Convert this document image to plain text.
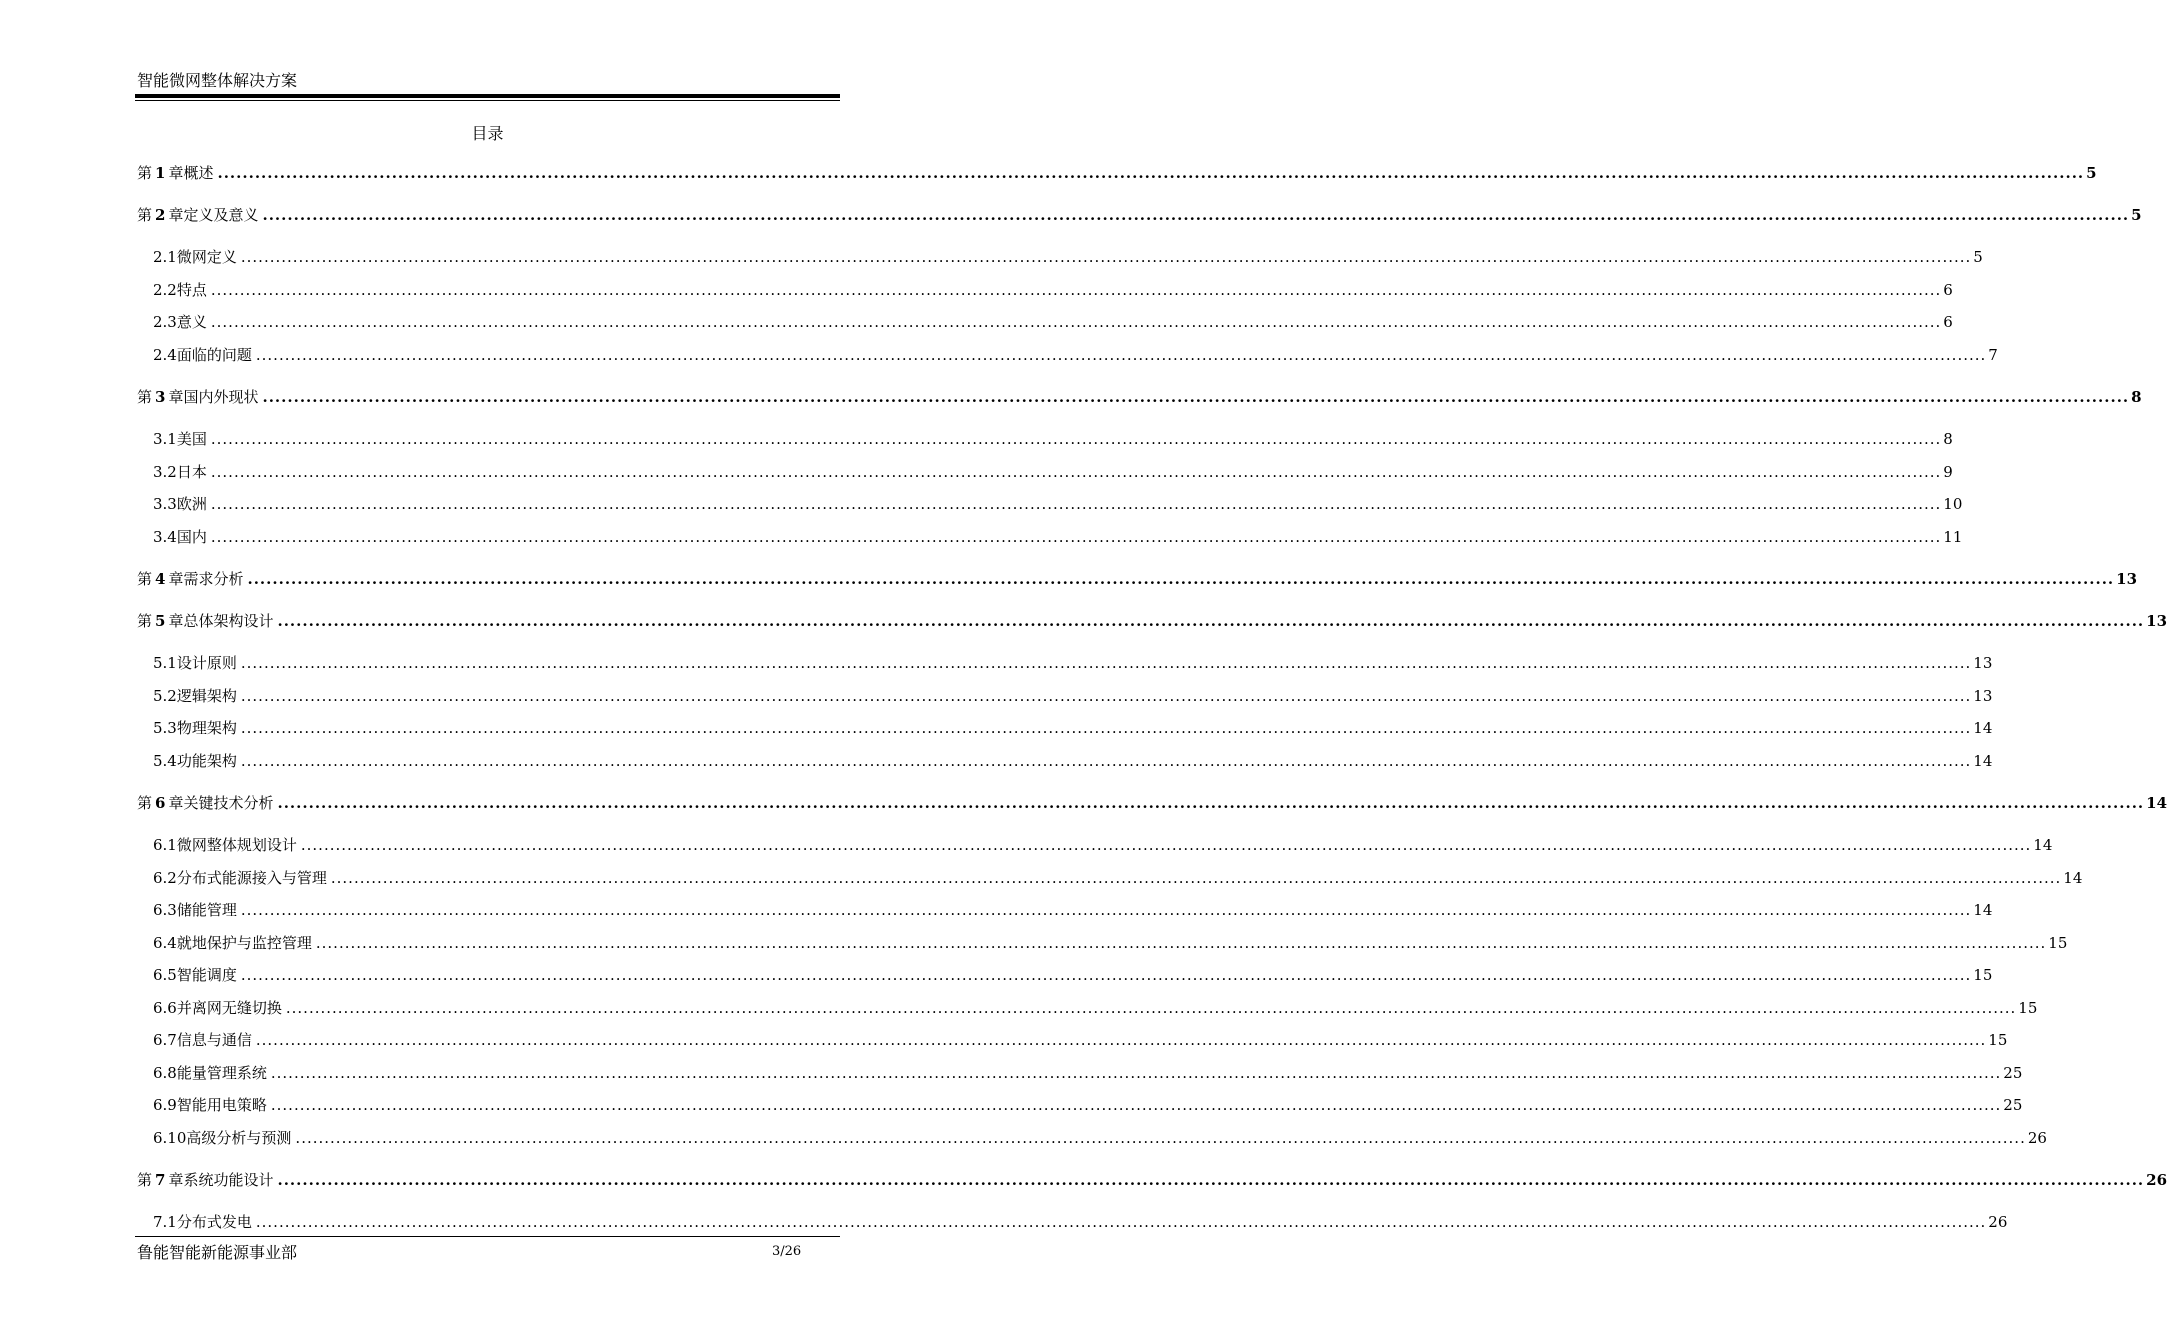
智能微网整体解决方案
目录
第 1 章 概述 ............................................................................................................................................................................................................................................................................................................ 5
第 2 章 定义及意义 ............................................................................................................................................................................................................................................................................................................ 5
2.1 微网定义 ............................................................................................................................................................................................................................................................................................................ 5
2.2 特点 ............................................................................................................................................................................................................................................................................................................ 6
2.3 意义 ............................................................................................................................................................................................................................................................................................................ 6
2.4 面临的问题 ............................................................................................................................................................................................................................................................................................................ 7
第 3 章 国内外现状 ............................................................................................................................................................................................................................................................................................................ 8
3.1 美国 ............................................................................................................................................................................................................................................................................................................ 8
3.2 日本 ............................................................................................................................................................................................................................................................................................................ 9
3.3 欧洲 ............................................................................................................................................................................................................................................................................................................ 10
3.4 国内 ............................................................................................................................................................................................................................................................................................................ 11
第 4 章 需求分析 ............................................................................................................................................................................................................................................................................................................ 13
第 5 章 总体架构设计 ............................................................................................................................................................................................................................................................................................................ 13
5.1 设计原则 ............................................................................................................................................................................................................................................................................................................ 13
5.2 逻辑架构 ............................................................................................................................................................................................................................................................................................................ 13
5.3 物理架构 ............................................................................................................................................................................................................................................................................................................ 14
5.4 功能架构 ............................................................................................................................................................................................................................................................................................................ 14
第 6 章 关键技术分析 ............................................................................................................................................................................................................................................................................................................ 14
6.1 微网整体规划设计 ............................................................................................................................................................................................................................................................................................................ 14
6.2 分布式能源接入与管理 ............................................................................................................................................................................................................................................................................................................ 14
6.3 储能管理 ............................................................................................................................................................................................................................................................................................................ 14
6.4 就地保护与监控管理 ............................................................................................................................................................................................................................................................................................................ 15
6.5 智能调度 ............................................................................................................................................................................................................................................................................................................ 15
6.6 并离网无缝切换 ............................................................................................................................................................................................................................................................................................................ 15
6.7 信息与通信 ............................................................................................................................................................................................................................................................................................................ 15
6.8 能量管理系统 ............................................................................................................................................................................................................................................................................................................ 25
6.9 智能用电策略 ............................................................................................................................................................................................................................................................................................................ 25
6.10 高级分析与预测 ............................................................................................................................................................................................................................................................................................................ 26
第 7 章 系统功能设计 ............................................................................................................................................................................................................................................................................................................ 26
7.1 分布式发电 ............................................................................................................................................................................................................................................................................................................ 26
鲁能智能新能源事业部	3/26
